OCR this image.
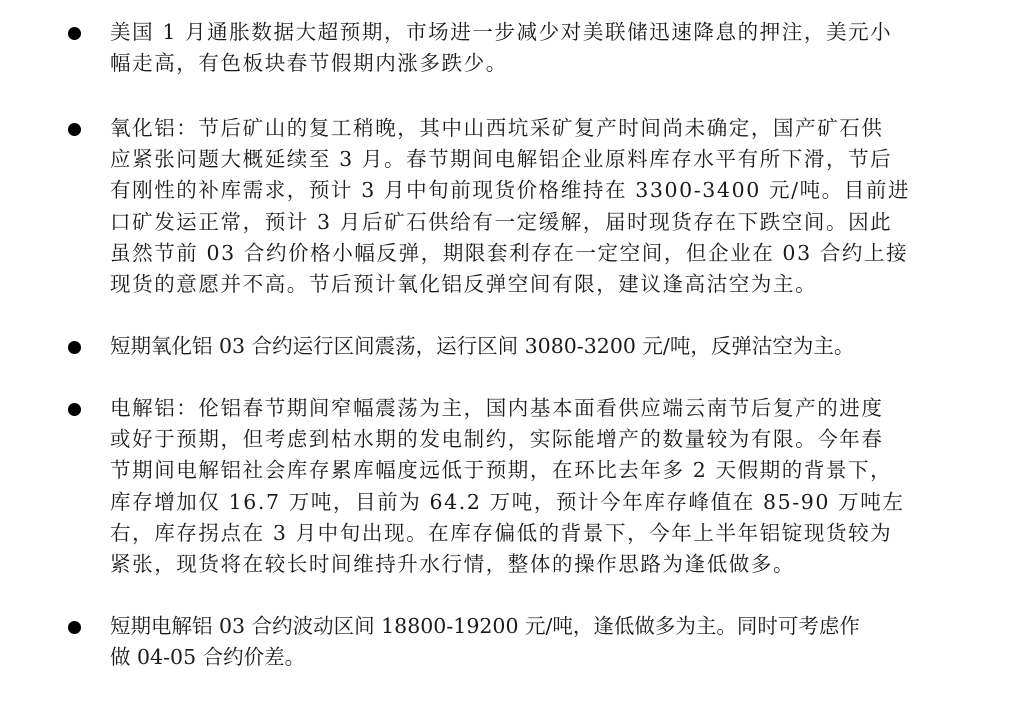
美国 1 月通胀数据大超预期，市场进一步减少对美联储迅速降息的押注，美元小
幅走高，有色板块春节假期内涨多跌少。
氧化铝：节后矿山的复工稍晚，其中山西坑采矿复产时间尚未确定，国产矿石供
应紧张问题大概延续至 3 月。春节期间电解铝企业原料库存水平有所下滑，节后
有刚性的补库需求，预计 3 月中旬前现货价格维持在 3300-3400 元/吨。目前进
口矿发运正常，预计 3 月后矿石供给有一定缓解，届时现货存在下跌空间。因此
虽然节前 03 合约价格小幅反弹，期限套利存在一定空间，但企业在 03 合约上接
现货的意愿并不高。节后预计氧化铝反弹空间有限，建议逢高沽空为主。
短期氧化铝 03 合约运行区间震荡，运行区间 3080-3200 元/吨，反弹沽空为主。
电解铝：伦铝春节期间窄幅震荡为主，国内基本面看供应端云南节后复产的进度
或好于预期，但考虑到枯水期的发电制约，实际能增产的数量较为有限。今年春
节期间电解铝社会库存累库幅度远低于预期，在环比去年多 2 天假期的背景下，
库存增加仅 16.7 万吨，目前为 64.2 万吨，预计今年库存峰值在 85-90 万吨左
右，库存拐点在 3 月中旬出现。在库存偏低的背景下，今年上半年铝锭现货较为
紧张，现货将在较长时间维持升水行情，整体的操作思路为逢低做多。
短期电解铝 03 合约波动区间 18800-19200 元/吨，逢低做多为主。同时可考虑作
做 04-05 合约价差。
